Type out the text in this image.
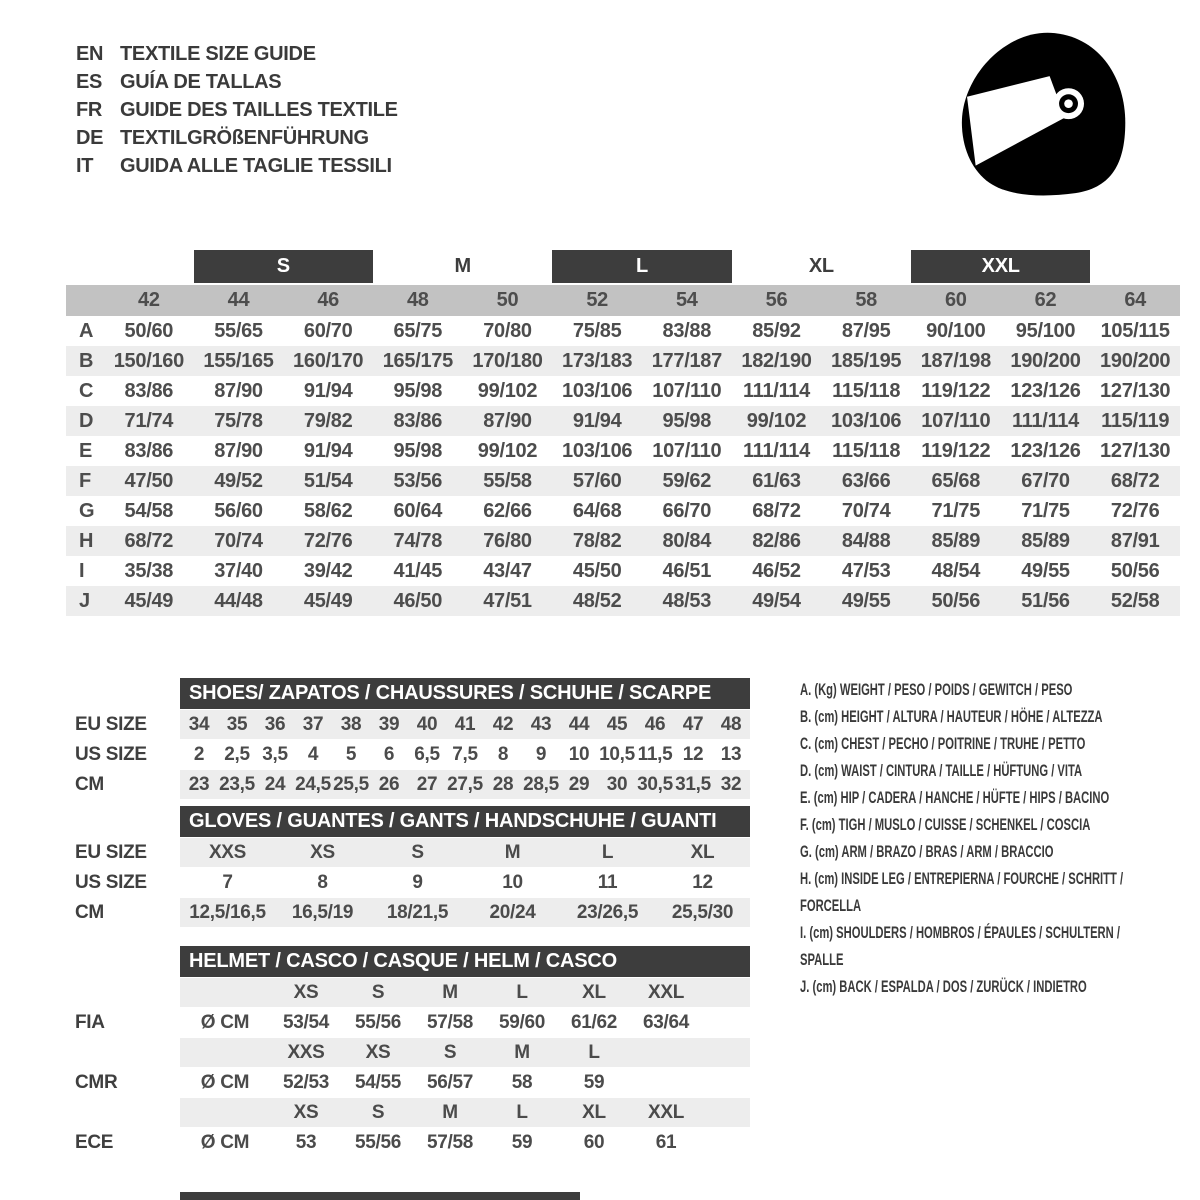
EN TEXTILE SIZE GUIDE
ES GUÍA DE TALLAS
FR GUIDE DES TAILLES TEXTILE
DE TEXTILGRÖßENFÜHRUNG
IT	GUIDA ALLE TAGLIE TESSILI
S	M	L	XL	XXL
42	44	46	48	50	52	54	56	58	60	62	64
A	50/60	55/65	60/70	65/75	70/80	75/85	83/88	85/92	87/95	90/100	95/100	105/115
B	150/160 155/165 160/170 165/175 170/180 173/183 177/187 182/190 185/195 187/198 190/200 190/200
C	83/86	87/90	91/94	95/98	99/102	103/106	107/110	111/114	115/118	119/122	123/126 127/130
D	71/74	75/78	79/82	83/86	87/90	91/94	95/98	99/102	103/106	107/110	111/114	115/119
E	83/86	87/90	91/94	95/98	99/102	103/106	107/110	111/114	115/118	119/122	123/126 127/130
F	47/50	49/52	51/54	53/56	55/58	57/60	59/62	61/63	63/66	65/68	67/70	68/72
G	54/58	56/60	58/62	60/64	62/66	64/68	66/70	68/72	70/74	71/75	71/75	72/76
H	68/72	70/74	72/76	74/78	76/80	78/82	80/84	82/86	84/88	85/89	85/89	87/91
I	35/38	37/40	39/42	41/45	43/47	45/50	46/51	46/52	47/53	48/54	49/55	50/56
J	45/49	44/48	45/49	46/50	47/51	48/52	48/53	49/54	49/55	50/56	51/56	52/58
SHOES/ ZAPATOS / CHAUSSURES / SCHUHE / SCARPE
EU SIZE	34 35 36 37 38 39 40 41 42 43 44 45 46 47 48
US SIZE	2	2,5 3,5	4	5	6	6,5 7,5	8	9	10 10,5 11,5 12 13
CM	23 23,5 24 24,5 25,5 26 27 27,5 28 28,5 29 30 30,5 31,5 32
GLOVES / GUANTES / GANTS / HANDSCHUHE / GUANTI
EU SIZE	XXS	XS	S	M	L	XL
US SIZE	7	8	9	10	11	12
CM	12,5/16,5	16,5/19	18/21,5	20/24	23/26,5	25,5/30
HELMET / CASCO / CASQUE / HELM / CASCO
XS	S	M	L	XL	XXL
FIA	Ø CM	53/54	55/56	57/58	59/60	61/62	63/64
XXS	XS	S	M	L
CMR	Ø CM	52/53	54/55	56/57	58	59
XS	S	M	L	XL	XXL
ECE	Ø CM	53	55/56	57/58	59	60	61
A. (Kg) WEIGHT / PESO / POIDS / GEWITCH / PESO
B. (cm) HEIGHT / ALTURA / HAUTEUR / HÖHE / ALTEZZA
C. (cm) CHEST / PECHO / POITRINE / TRUHE / PETTO
D. (cm) WAIST / CINTURA / TAILLE / HÜFTUNG / VITA
E. (cm) HIP / CADERA / HANCHE / HÜFTE / HIPS / BACINO
F. (cm) TIGH / MUSLO / CUISSE / SCHENKEL / COSCIA
G. (cm) ARM / BRAZO / BRAS / ARM / BRACCIO
H. (cm) INSIDE LEG / ENTREPIERNA / FOURCHE / SCHRITT / FORCELLA
I. (cm) SHOULDERS / HOMBROS / ÉPAULES / SCHULTERN / SPALLE
J. (cm) BACK / ESPALDA / DOS / ZURÜCK / INDIETRO
